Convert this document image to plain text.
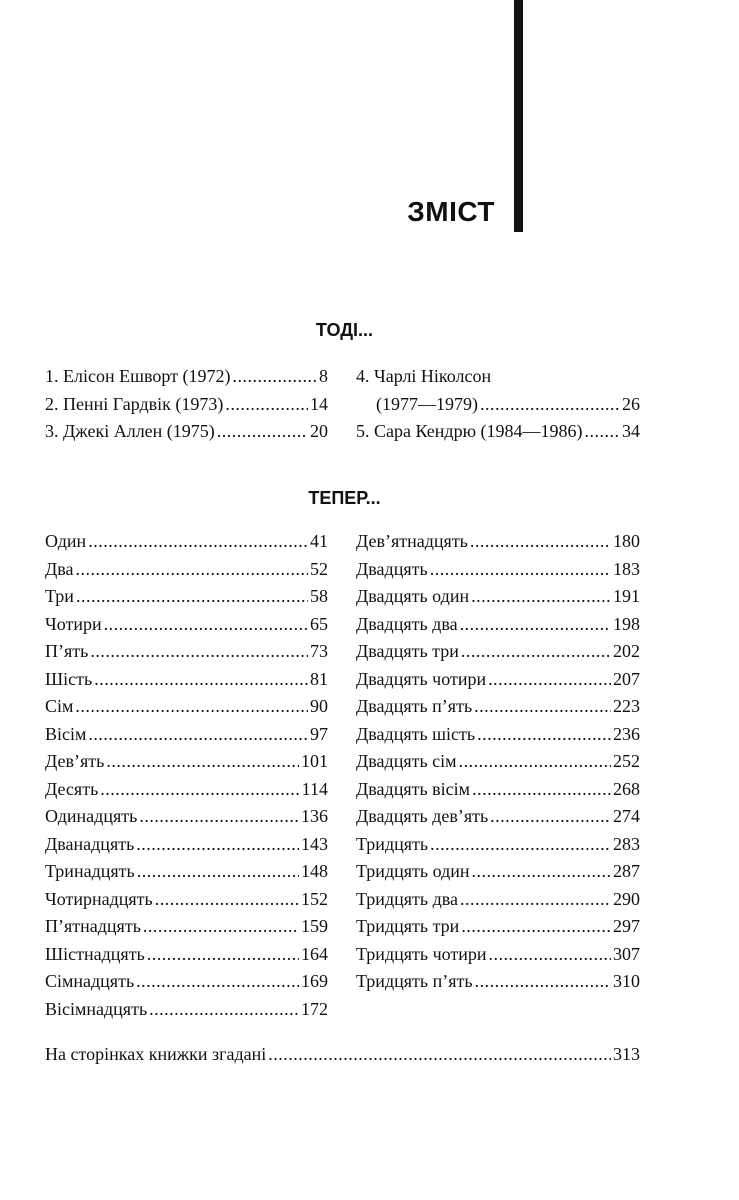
ЗМІСТ
ТОДІ...
1. Елісон Ешворт (1972) .....	8
2. Пенні Гардвік (1973) .....	14
3. Джекі Аллен (1975) .....	20
4. Чарлі Ніколсон
(1977—1979) .....	26
5. Сара Кендрю (1984—1986) ..... 34
ТЕПЕР...
Один .....	41
Два .....	52
Три .....	58
Чотири .....	65
П’ять .....	73
Шість .....	81
Сім .....	90
Вісім .....	97
Дев’ять .....	101
Десять .....	114
Одинадцять .....	136
Дванадцять .....	143
Тринадцять .....	148
Чотирнадцять .....	152
П’ятнадцять .....	159
Шістнадцять .....	164
Сімнадцять .....	169
Вісімнадцять .....	172
Дев’ятнадцять .....	180
Двадцять .....	183
Двадцять один .....	191
Двадцять два .....	198
Двадцять три .....	202
Двадцять чотири .....	207
Двадцять п’ять .....	223
Двадцять шість .....	236
Двадцять сім .....	252
Двадцять вісім .....	268
Двадцять дев’ять .....	274
Тридцять .....	283
Тридцять один .....	287
Тридцять два .....	290
Тридцять три .....	297
Тридцять чотири .....	307
Тридцять п’ять .....	310
На сторінках книжки згадані .....	313
